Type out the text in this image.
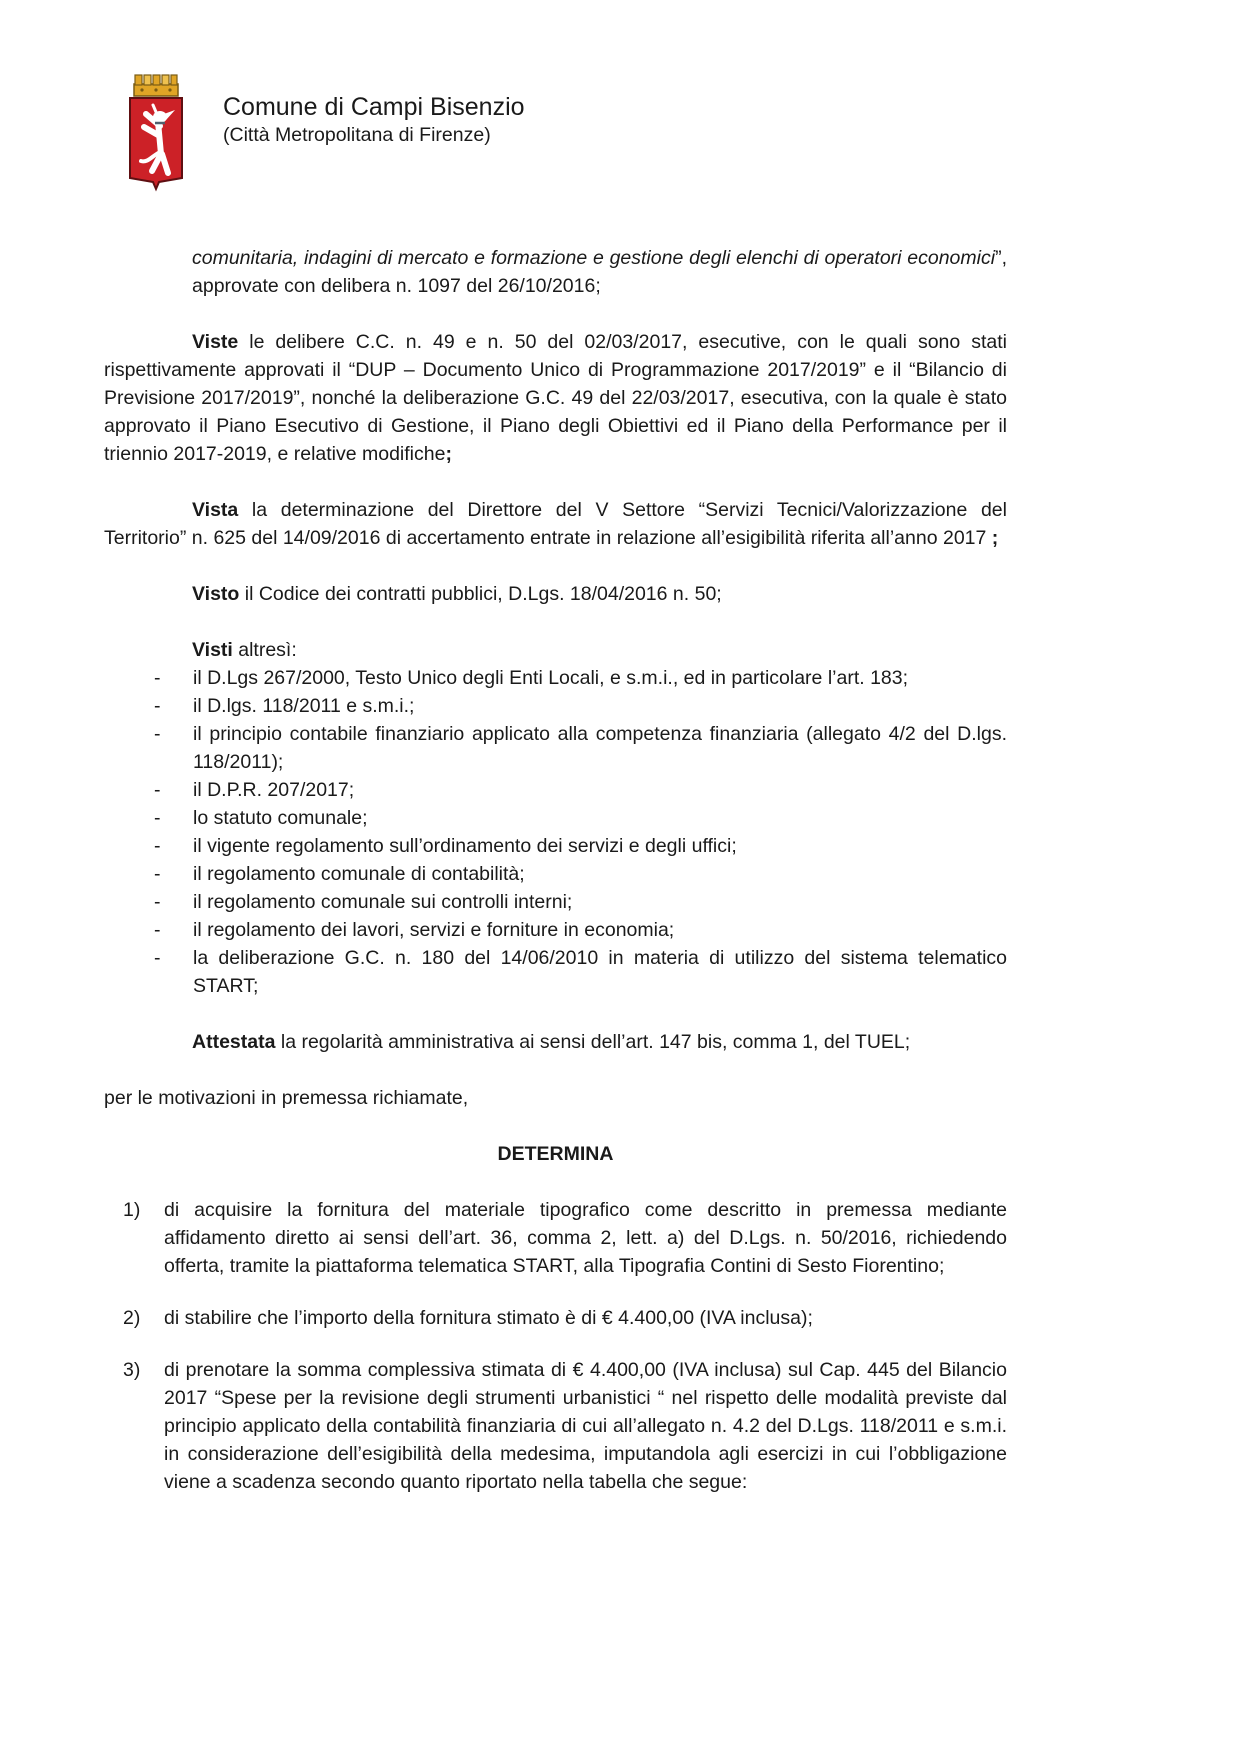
Comune di Campi Bisenzio
(Città Metropolitana di Firenze)

comunitaria, indagini di mercato e formazione e gestione degli elenchi di operatori economici”, approvate con delibera n. 1097 del 26/10/2016;

Viste le delibere C.C. n. 49 e n. 50 del 02/03/2017, esecutive, con le quali sono stati rispettivamente approvati il “DUP – Documento Unico di Programmazione 2017/2019” e il “Bilancio di Previsione 2017/2019”, nonché la deliberazione G.C. 49 del 22/03/2017, esecutiva, con la quale è stato approvato il Piano Esecutivo di Gestione, il Piano degli Obiettivi ed il Piano della Performance per il triennio 2017-2019, e relative modifiche;

Vista la determinazione del Direttore del V Settore “Servizi Tecnici/Valorizzazione del Territorio” n. 625 del 14/09/2016 di accertamento entrate in relazione all’esigibilità riferita all’anno 2017 ;

Visto il Codice dei contratti pubblici, D.Lgs. 18/04/2016 n. 50;

Visti altresì:

- il D.Lgs 267/2000, Testo Unico degli Enti Locali, e s.m.i., ed in particolare l’art. 183;
- il D.lgs. 118/2011 e s.m.i.;
- il principio contabile finanziario applicato alla competenza finanziaria (allegato 4/2 del D.lgs. 118/2011);
- il D.P.R. 207/2017;
- lo statuto comunale;
- il vigente regolamento sull’ordinamento dei servizi e degli uffici;
- il regolamento comunale di contabilità;
- il regolamento comunale sui controlli interni;
- il regolamento dei lavori, servizi e forniture in economia;
- la deliberazione G.C. n. 180 del 14/06/2010 in materia di utilizzo del sistema telematico START;

Attestata la regolarità amministrativa ai sensi dell’art. 147 bis, comma 1, del TUEL;

per le motivazioni in premessa richiamate,

DETERMINA

1) di acquisire la fornitura del materiale tipografico come descritto in premessa mediante affidamento diretto ai sensi dell’art. 36, comma 2, lett. a) del D.Lgs. n. 50/2016, richiedendo offerta, tramite la piattaforma telematica START, alla Tipografia Contini di Sesto Fiorentino;
2) di stabilire che l’importo della fornitura stimato è di € 4.400,00 (IVA inclusa);
3) di prenotare la somma complessiva stimata di € 4.400,00 (IVA inclusa) sul Cap. 445 del Bilancio 2017 “Spese per la revisione degli strumenti urbanistici “ nel rispetto delle modalità previste dal principio applicato della contabilità finanziaria di cui all’allegato n. 4.2 del D.Lgs. 118/2011 e s.m.i. in considerazione dell’esigibilità della medesima, imputandola agli esercizi in cui l’obbligazione viene a scadenza secondo quanto riportato nella tabella che segue:
